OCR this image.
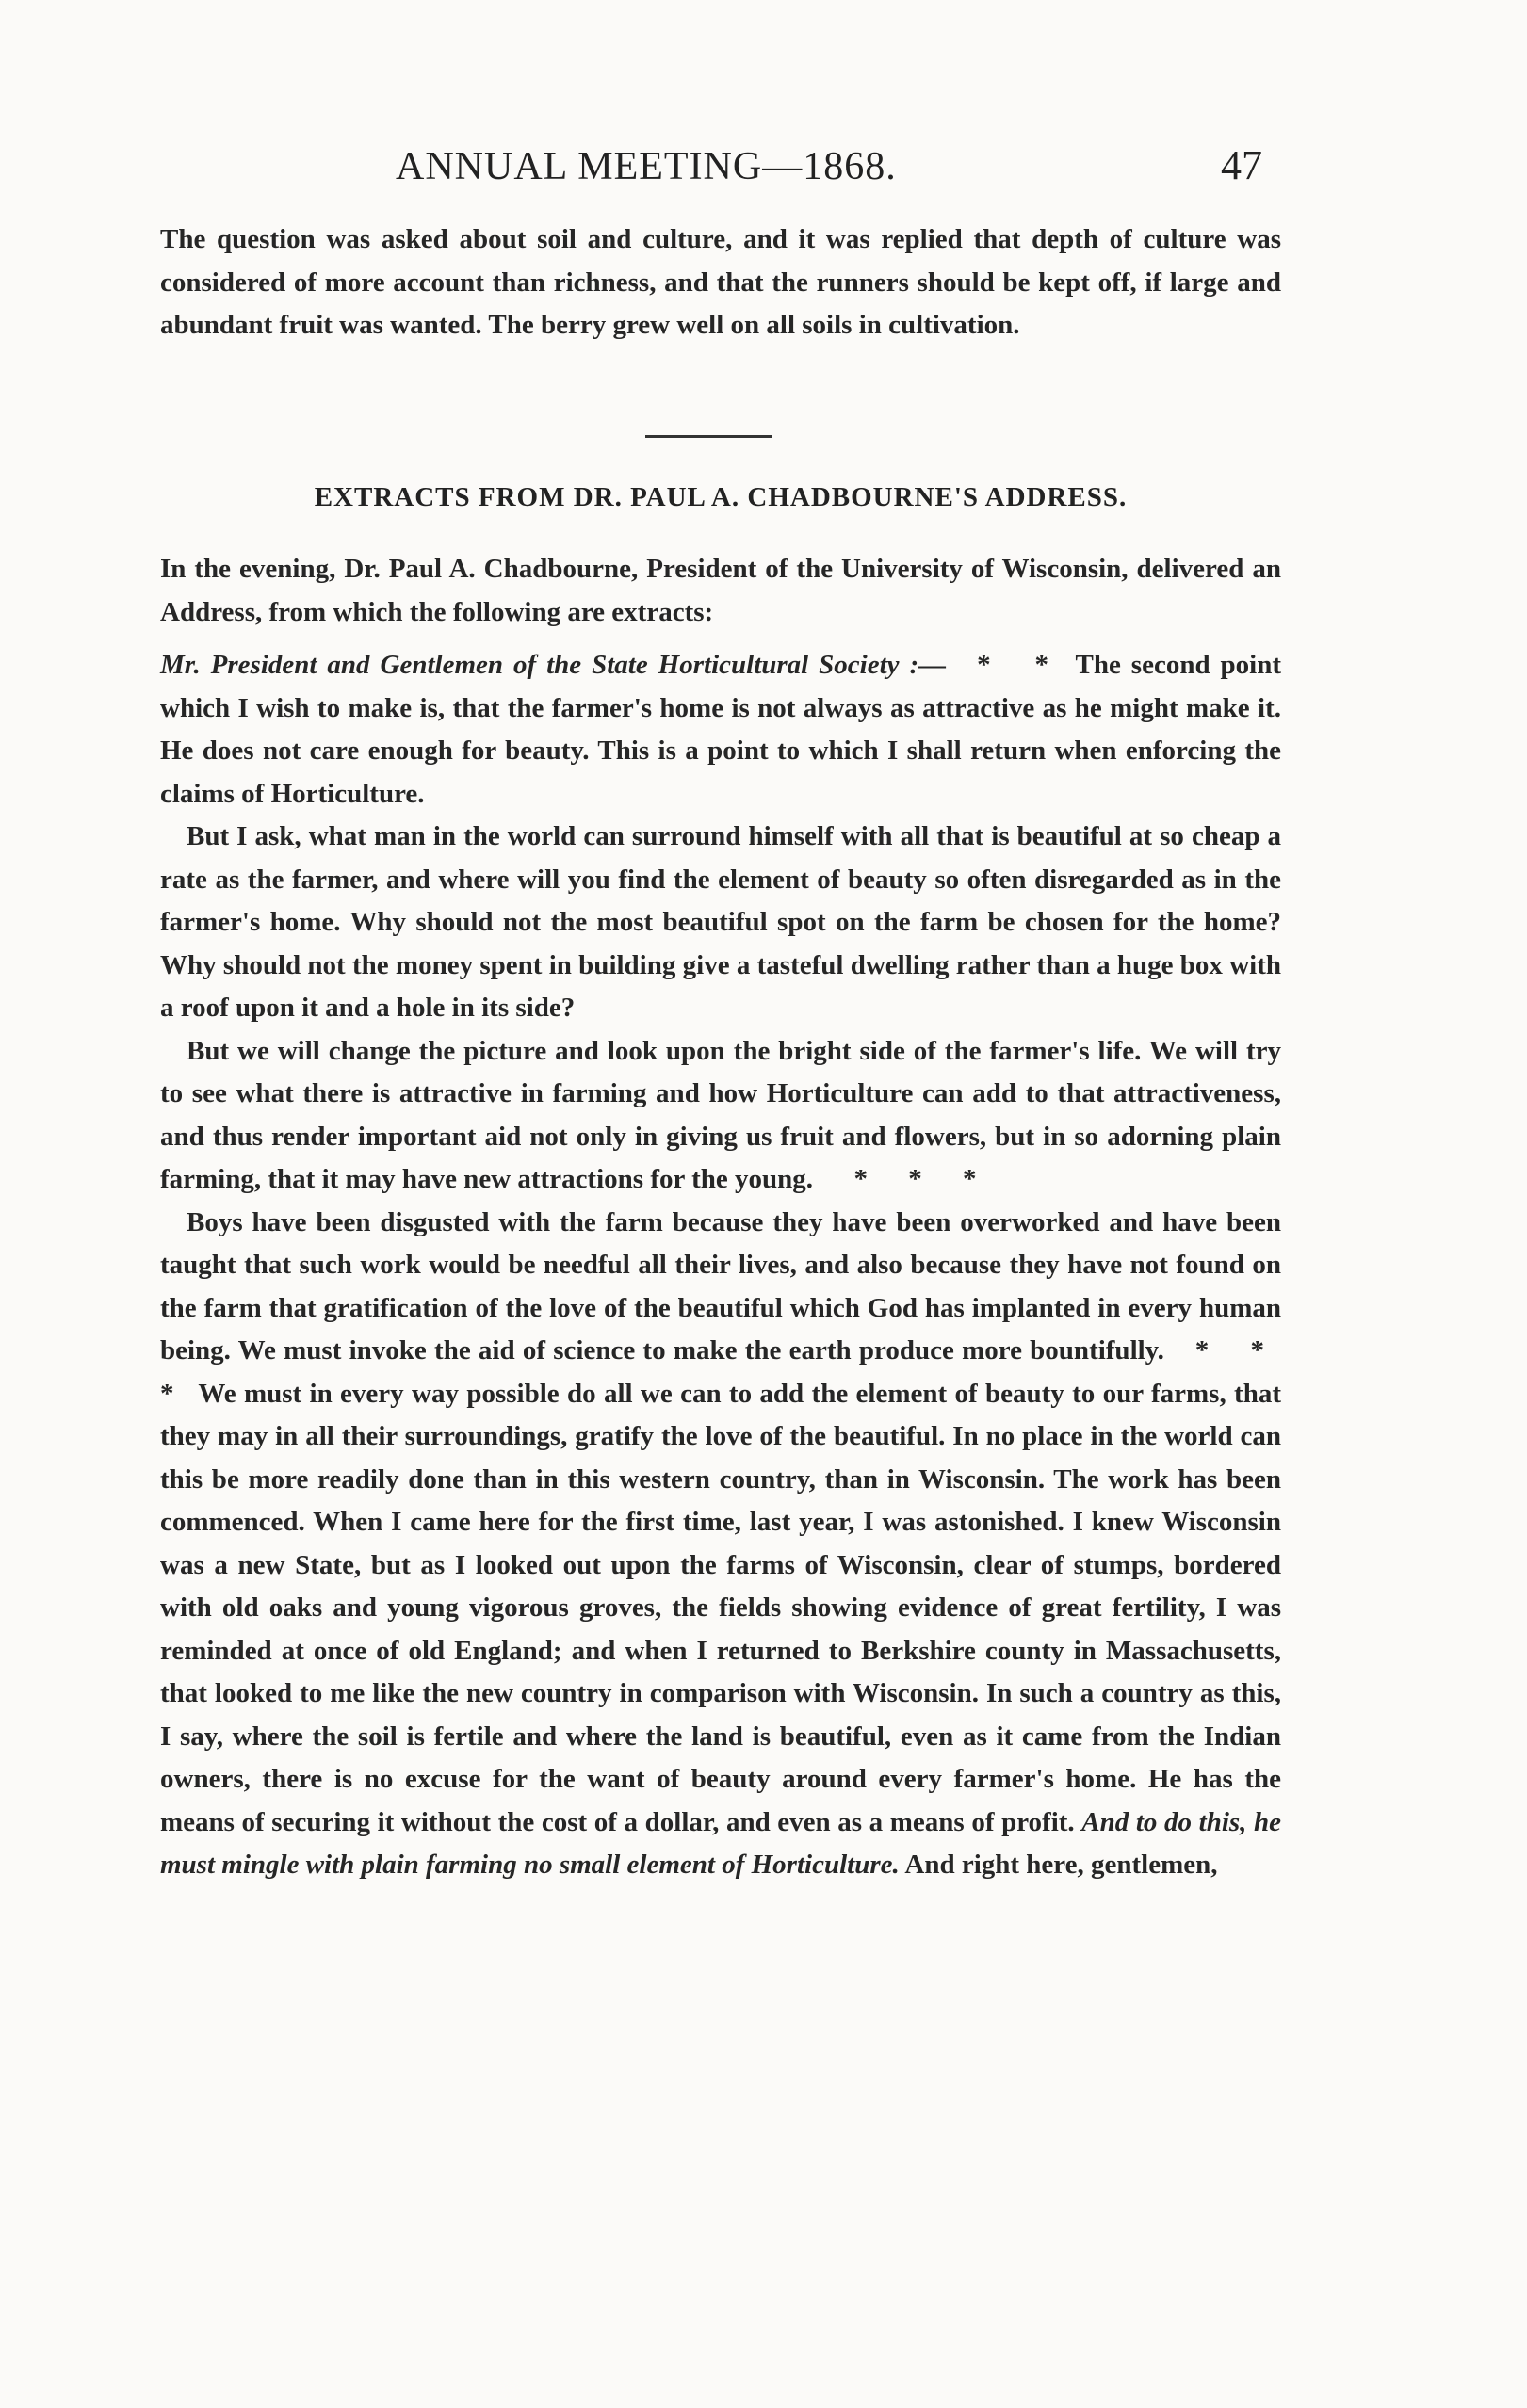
ANNUAL MEETING—1868.	47
The question was asked about soil and culture, and it was replied that depth of culture was considered of more account than richness, and that the runners should be kept off, if large and abundant fruit was wanted. The berry grew well on all soils in cultivation.
EXTRACTS FROM DR. PAUL A. CHADBOURNE'S ADDRESS.
In the evening, Dr. Paul A. Chadbourne, President of the University of Wisconsin, delivered an Address, from which the following are extracts:

Mr. President and Gentlemen of the State Horticultural Society :— * * The second point which I wish to make is, that the farmer's home is not always as attractive as he might make it. He does not care enough for beauty. This is a point to which I shall return when enforcing the claims of Horticulture.

But I ask, what man in the world can surround himself with all that is beautiful at so cheap a rate as the farmer, and where will you find the element of beauty so often disregarded as in the farmer's home. Why should not the most beautiful spot on the farm be chosen for the home? Why should not the money spent in building give a tasteful dwelling rather than a huge box with a roof upon it and a hole in its side?

But we will change the picture and look upon the bright side of the farmer's life. We will try to see what there is attractive in farming and how Horticulture can add to that attractiveness, and thus render important aid not only in giving us fruit and flowers, but in so adorning plain farming, that it may have new attractions for the young. * * *

Boys have been disgusted with the farm because they have been overworked and have been taught that such work would be needful all their lives, and also because they have not found on the farm that gratification of the love of the beautiful which God has implanted in every human being. We must invoke the aid of science to make the earth produce more bountifully. * * * We must in every way possible do all we can to add the element of beauty to our farms, that they may in all their surroundings, gratify the love of the beautiful. In no place in the world can this be more readily done than in this western country, than in Wisconsin. The work has been commenced. When I came here for the first time, last year, I was astonished. I knew Wisconsin was a new State, but as I looked out upon the farms of Wisconsin, clear of stumps, bordered with old oaks and young vigorous groves, the fields showing evidence of great fertility, I was reminded at once of old England; and when I returned to Berkshire county in Massachusetts, that looked to me like the new country in comparison with Wisconsin. In such a country as this, I say, where the soil is fertile and where the land is beautiful, even as it came from the Indian owners, there is no excuse for the want of beauty around every farmer's home. He has the means of securing it without the cost of a dollar, and even as a means of profit. And to do this, he must mingle with plain farming no small element of Horticulture. And right here, gentlemen,
